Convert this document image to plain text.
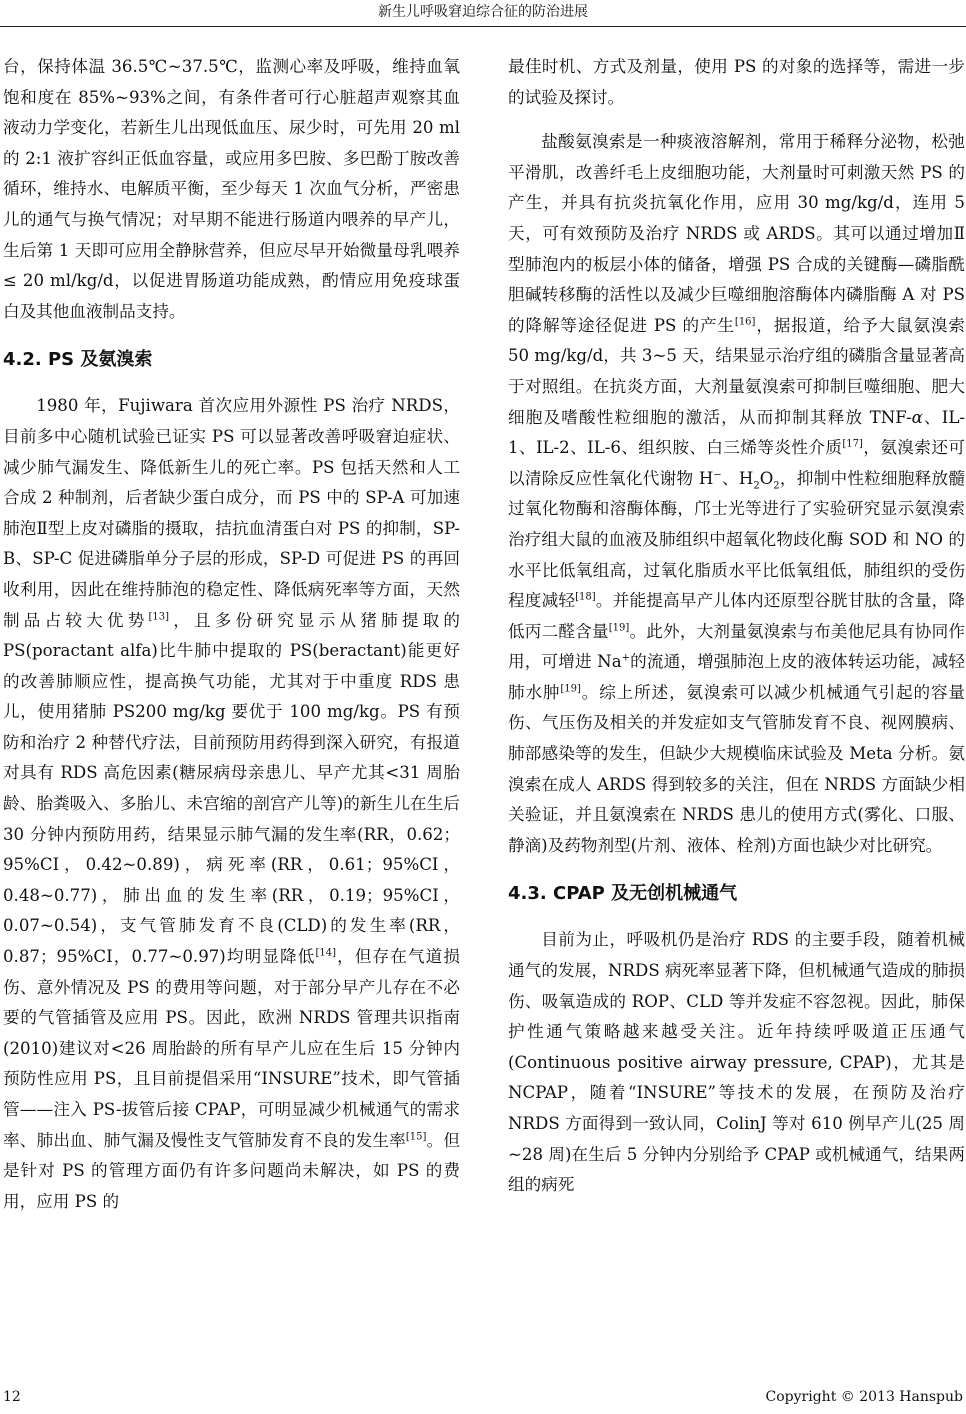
新生儿呼吸窘迫综合征的防治进展

台，保持体温 36.5℃~37.5℃，监测心率及呼吸，维持血氧饱和度在 85%~93%之间，有条件者可行心脏超声观察其血液动力学变化，若新生儿出现低血压、尿少时，可先用 20 ml 的 2:1 液扩容纠正低血容量，或应用多巴胺、多巴酚丁胺改善循环，维持水、电解质平衡，至少每天 1 次血气分析，严密患儿的通气与换气情况；对早期不能进行肠道内喂养的早产儿，生后第 1 天即可应用全静脉营养，但应尽早开始微量母乳喂养 ≤ 20 ml/kg/d，以促进胃肠道功能成熟，酌情应用免疫球蛋白及其他血液制品支持。

4.2. PS 及氨溴索

1980 年，Fujiwara 首次应用外源性 PS 治疗 NRDS，目前多中心随机试验已证实 PS 可以显著改善呼吸窘迫症状、减少肺气漏发生、降低新生儿的死亡率。PS 包括天然和人工合成 2 种制剂，后者缺少蛋白成分，而 PS 中的 SP-A 可加速肺泡Ⅱ型上皮对磷脂的摄取，拮抗血清蛋白对 PS 的抑制，SP-B、SP-C 促进磷脂单分子层的形成，SP-D 可促进 PS 的再回收利用，因此在维持肺泡的稳定性、降低病死率等方面，天然制品占较大优势[13]，且多份研究显示从猪肺提取的 PS(poractant alfa)比牛肺中提取的 PS(beractant)能更好的改善肺顺应性，提高换气功能，尤其对于中重度 RDS 患儿，使用猪肺 PS200 mg/kg 要优于 100 mg/kg。PS 有预防和治疗 2 种替代疗法，目前预防用药得到深入研究，有报道对具有 RDS 高危因素(糖尿病母亲患儿、早产尤其<31 周胎龄、胎粪吸入、多胎儿、未宫缩的剖宫产儿等)的新生儿在生后 30 分钟内预防用药，结果显示肺气漏的发生率(RR，0.62；95%CI，0.42~0.89)，病死率(RR，0.61；95%CI，0.48~0.77)，肺出血的发生率(RR，0.19；95%CI，0.07~0.54)，支气管肺发育不良(CLD)的发生率(RR，0.87；95%CI，0.77~0.97)均明显降低[14]，但存在气道损伤、意外情况及 PS 的费用等问题，对于部分早产儿存在不必要的气管插管及应用 PS。因此，欧洲 NRDS 管理共识指南(2010)建议对<26 周胎龄的所有早产儿应在生后 15 分钟内预防性应用 PS，且目前提倡采用“INSURE”技术，即气管插管——注入 PS-拔管后接 CPAP，可明显减少机械通气的需求率、肺出血、肺气漏及慢性支气管肺发育不良的发生率[15]。但是针对 PS 的管理方面仍有许多问题尚未解决，如 PS 的费用，应用 PS 的

最佳时机、方式及剂量，使用 PS 的对象的选择等，需进一步的试验及探讨。

盐酸氨溴索是一种痰液溶解剂，常用于稀释分泌物，松弛平滑肌，改善纤毛上皮细胞功能，大剂量时可刺激天然 PS 的产生，并具有抗炎抗氧化作用，应用 30 mg/kg/d，连用 5 天，可有效预防及治疗 NRDS 或 ARDS。其可以通过增加Ⅱ型肺泡内的板层小体的储备，增强 PS 合成的关键酶—磷脂酰胆碱转移酶的活性以及减少巨噬细胞溶酶体内磷脂酶 A 对 PS 的降解等途径促进 PS 的产生[16]，据报道，给予大鼠氨溴索 50 mg/kg/d，共 3~5 天，结果显示治疗组的磷脂含量显著高于对照组。在抗炎方面，大剂量氨溴索可抑制巨噬细胞、肥大细胞及嗜酸性粒细胞的激活，从而抑制其释放 TNF-α、IL-1、IL-2、IL-6、组织胺、白三烯等炎性介质[17]，氨溴索还可以清除反应性氧化代谢物 H−、$H_2O_2$，抑制中性粒细胞释放髓过氧化物酶和溶酶体酶，邝士光等进行了实验研究显示氨溴索治疗组大鼠的血液及肺组织中超氧化物歧化酶 SOD 和 NO 的水平比低氧组高，过氧化脂质水平比低氧组低，肺组织的受伤程度减轻[18]。并能提高早产儿体内还原型谷胱甘肽的含量，降低丙二醛含量[19]。此外，大剂量氨溴索与布美他尼具有协同作用，可增进 Na+的流通，增强肺泡上皮的液体转运功能，减轻肺水肿[19]。综上所述，氨溴索可以减少机械通气引起的容量伤、气压伤及相关的并发症如支气管肺发育不良、视网膜病、肺部感染等的发生，但缺少大规模临床试验及 Meta 分析。氨溴索在成人 ARDS 得到较多的关注，但在 NRDS 方面缺少相关验证，并且氨溴索在 NRDS 患儿的使用方式(雾化、口服、静滴)及药物剂型(片剂、液体、栓剂)方面也缺少对比研究。

4.3. CPAP 及无创机械通气

目前为止，呼吸机仍是治疗 RDS 的主要手段，随着机械通气的发展，NRDS 病死率显著下降，但机械通气造成的肺损伤、吸氧造成的 ROP、CLD 等并发症不容忽视。因此，肺保护性通气策略越来越受关注。近年持续呼吸道正压通气(Continuous positive airway pressure, CPAP)，尤其是 NCPAP，随着“INSURE”等技术的发展，在预防及治疗 NRDS 方面得到一致认同，ColinJ 等对 610 例早产儿(25 周~28 周)在生后 5 分钟内分别给予 CPAP 或机械通气，结果两组的病死

12	Copyright © 2013 Hanspub
